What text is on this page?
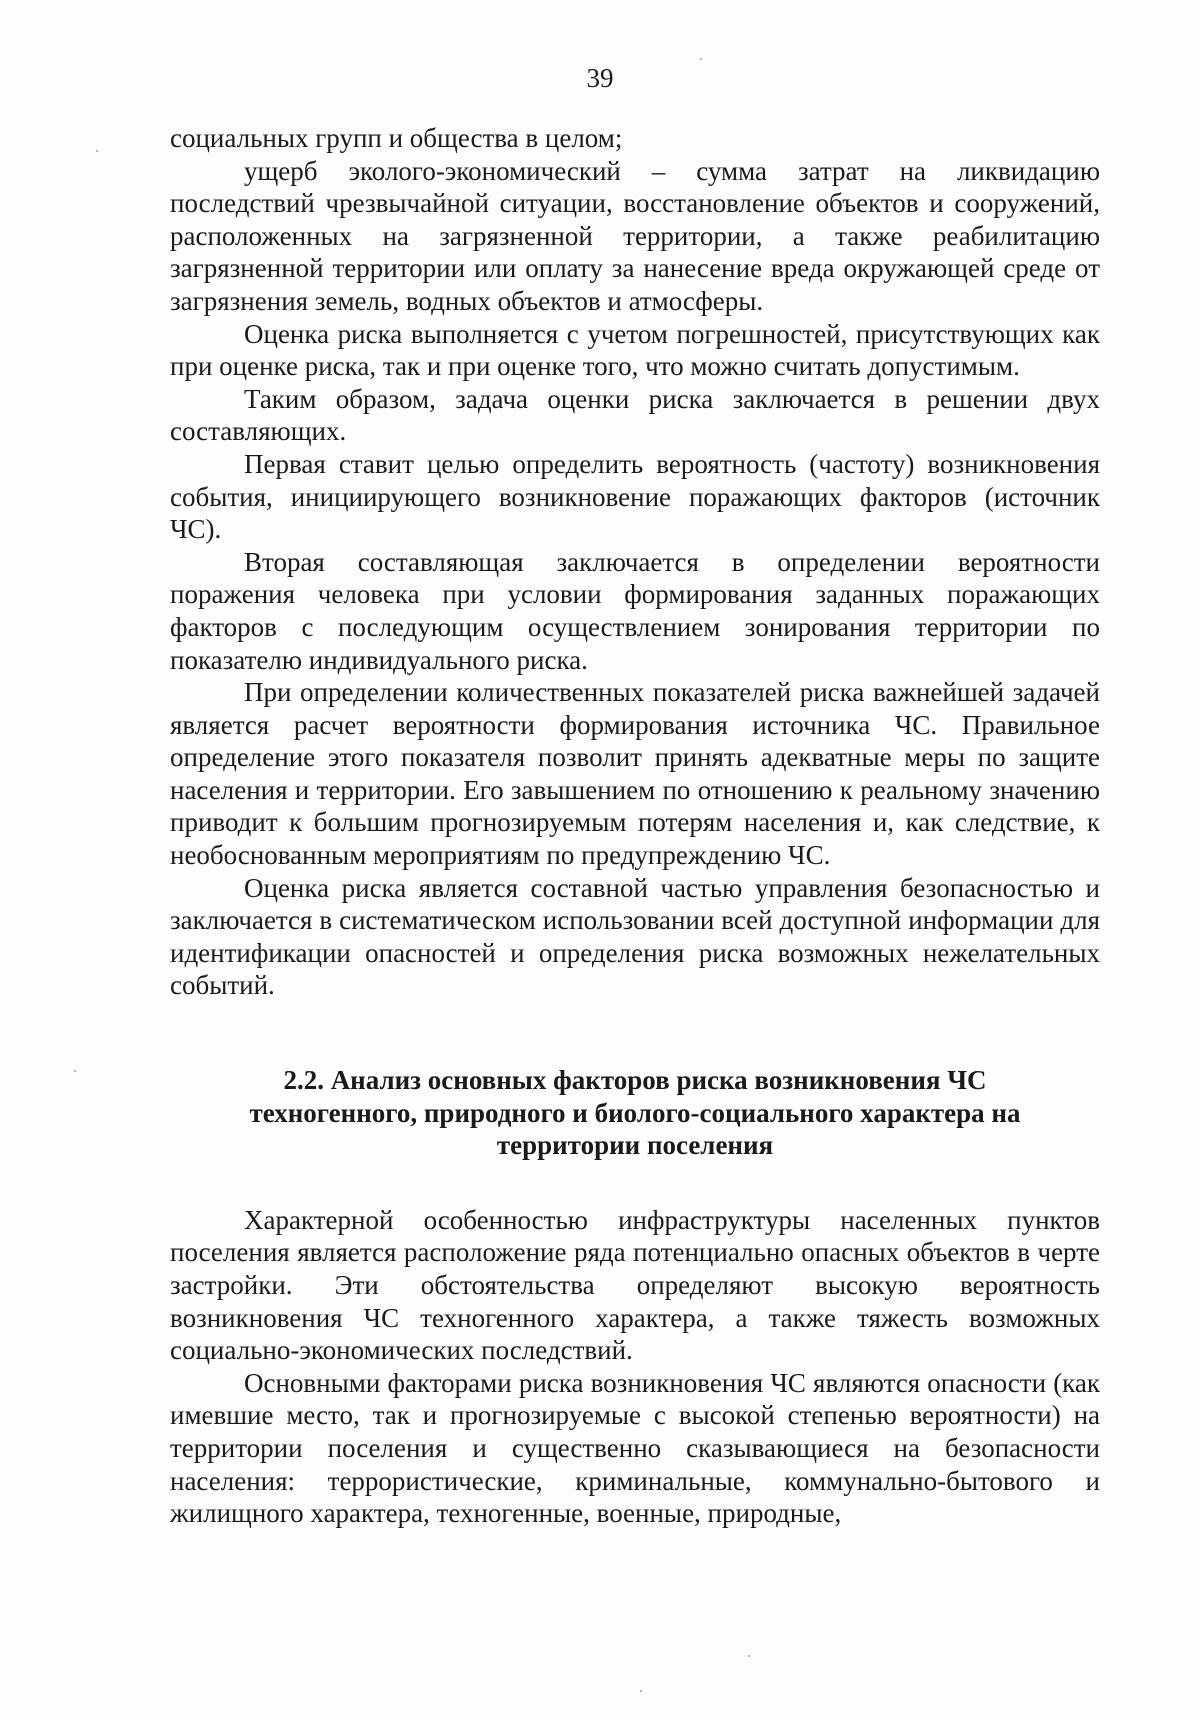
39

социальных групп и общества в целом;

ущерб эколого-экономический – сумма затрат на ликвидацию последствий чрезвычайной ситуации, восстановление объектов и сооружений, расположенных на загрязненной территории, а также реабилитацию загрязненной территории или оплату за нанесение вреда окружающей среде от загрязнения земель, водных объектов и атмосферы.

Оценка риска выполняется с учетом погрешностей, присутствующих как при оценке риска, так и при оценке того, что можно считать допустимым.

Таким образом, задача оценки риска заключается в решении двух составляющих.

Первая ставит целью определить вероятность (частоту) возникновения события, инициирующего возникновение поражающих факторов (источник ЧС).

Вторая составляющая заключается в определении вероятности поражения человека при условии формирования заданных поражающих факторов с последующим осуществлением зонирования территории по показателю индивидуального риска.

При определении количественных показателей риска важнейшей задачей является расчет вероятности формирования источника ЧС. Правильное определение этого показателя позволит принять адекватные меры по защите населения и территории. Его завышением по отношению к реальному значению приводит к большим прогнозируемым потерям населения и, как следствие, к необоснованным мероприятиям по предупреждению ЧС.

Оценка риска является составной частью управления безопасностью и заключается в систематическом использовании всей доступной информации для идентификации опасностей и определения риска возможных нежелательных событий.

2.2. Анализ основных факторов риска возникновения ЧС техногенного, природного и биолого-социального характера на территории поселения

Характерной особенностью инфраструктуры населенных пунктов поселения является расположение ряда потенциально опасных объектов в черте застройки. Эти обстоятельства определяют высокую вероятность возникновения ЧС техногенного характера, а также тяжесть возможных социально-экономических последствий.

Основными факторами риска возникновения ЧС являются опасности (как имевшие место, так и прогнозируемые с высокой степенью вероятности) на территории поселения и существенно сказывающиеся на безопасности населения: террористические, криминальные, коммунально-бытового и жилищного характера, техногенные, военные, природные,
